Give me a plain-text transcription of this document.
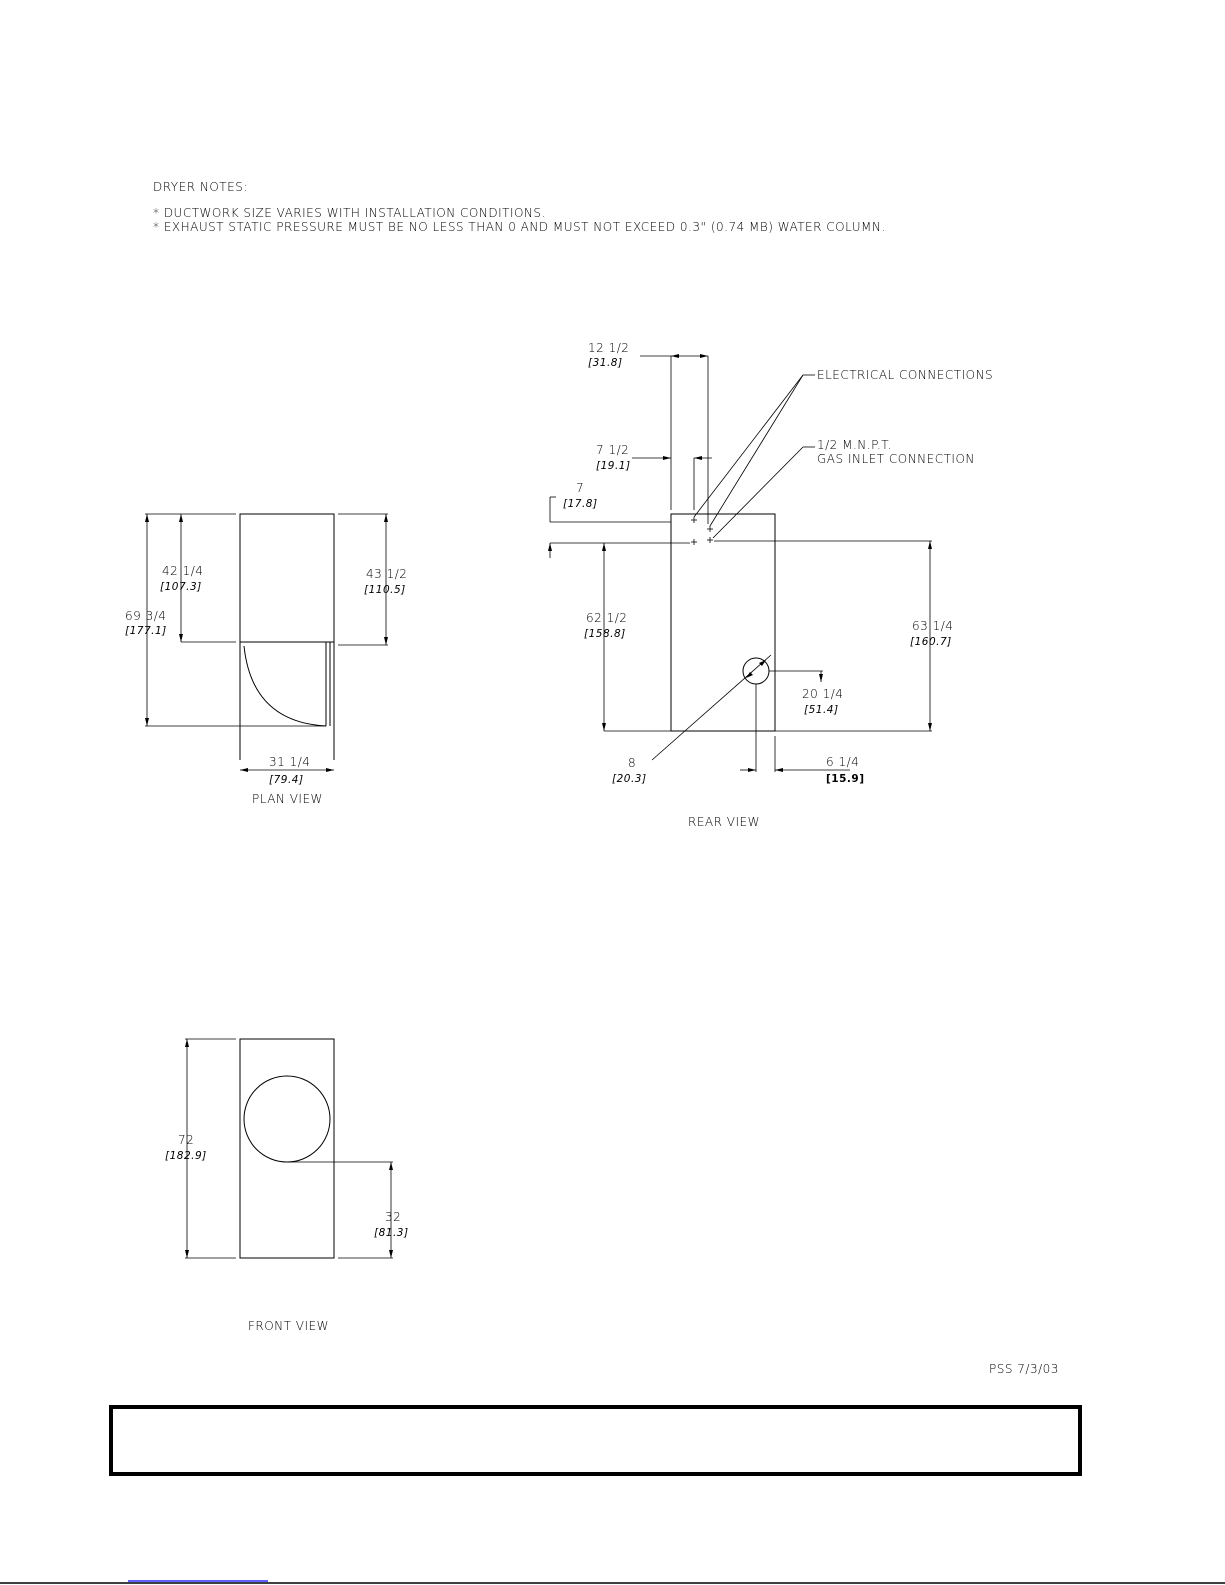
DRYER NOTES:
* DUCTWORK SIZE VARIES WITH INSTALLATION CONDITIONS.
* EXHAUST STATIC PRESSURE MUST BE NO LESS THAN 0 AND MUST NOT EXCEED 0.3" (0.74 MB) WATER COLUMN.
69 3/4
[177.1]
42 1/4
[107.3]
43 1/2
[110.5]
31 1/4
[79.4]
PLAN VIEW
12 1/2
[31.8]
7 1/2
[19.1]
7
[17.8]
62 1/2
[158.8]
63 1/4
[160.7]
20 1/4
[51.4]
8
[20.3]
6 1/4
[15.9]
ELECTRICAL CONNECTIONS
1/2 M.N.P.T.
GAS INLET CONNECTION
REAR VIEW
72
[182.9]
32
[81.3]
FRONT VIEW
PSS 7/3/03
